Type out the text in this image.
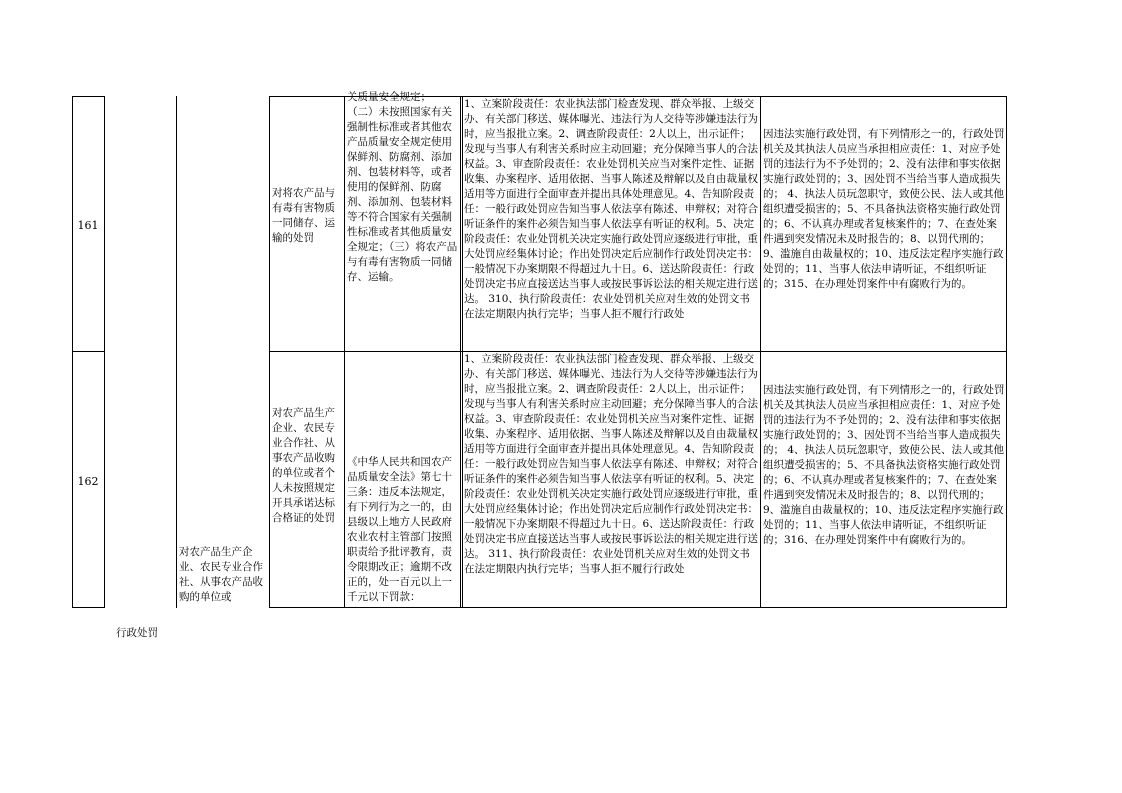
161
对将农产品与有毒有害物质一同储存、运输的处罚
关质量安全规定；
（二）未按照国家有关强制性标准或者其他农产品质量安全规定使用保鲜剂、防腐剂、添加剂、包装材料等，或者使用的保鲜剂、防腐剂、添加剂、包装材料等不符合国家有关强制性标准或者其他质量安全规定；（三）将农产品与有毒有害物质一同储存、运输。
1、立案阶段责任：农业执法部门检查发现、群众举报、上级交办、有关部门移送、媒体曝光、违法行为人交待等涉嫌违法行为时，应当报批立案。2、调查阶段责任：2人以上，出示证件；发现与当事人有利害关系时应主动回避；充分保障当事人的合法权益。3、审查阶段责任：农业处罚机关应当对案件定性、证据收集、办案程序、适用依据、当事人陈述及辩解以及自由裁量权适用等方面进行全面审查并提出具体处理意见。4、告知阶段责任：一般行政处罚应告知当事人依法享有陈述、申辩权；对符合听证条件的案件必须告知当事人依法享有听证的权利。5、决定阶段责任：农业处罚机关决定实施行政处罚应逐级进行审批，重大处罚应经集体讨论；作出处罚决定后应制作行政处罚决定书：一般情况下办案期限不得超过九十日。6、送达阶段责任：行政处罚决定书应直接送达当事人或按民事诉讼法的相关规定进行送达。 310、执行阶段责任：农业处罚机关应对生效的处罚文书在法定期限内执行完毕；当事人拒不履行行政处
因违法实施行政处罚，有下列情形之一的，行政处罚机关及其执法人员应当承担相应责任：1、对应予处罚的违法行为不予处罚的；2、没有法律和事实依据实施行政处罚的；3、因处罚不当给当事人造成损失的； 4、执法人员玩忽职守，致使公民、法人或其他组织遭受损害的；5、不具备执法资格实施行政处罚的；6、不认真办理或者复核案件的；7、在查处案件遇到突发情况未及时报告的；8、以罚代刑的；9、滥施自由裁量权的；10、违反法定程序实施行政处罚的；11、当事人依法申请听证，不组织听证的；315、在办理处罚案件中有腐败行为的。
162
对农产品生产企业、农民专业合作社、从事农产品收购的单位或者个人未按照规定开具承诺达标合格证的处罚
《中华人民共和国农产品质量安全法》第七十三条：违反本法规定，有下列行为之一的，由县级以上地方人民政府农业农村主管部门按照职责给予批评教育，责令限期改正；逾期不改正的，处一百元以上一千元以下罚款：
1、立案阶段责任：农业执法部门检查发现、群众举报、上级交办、有关部门移送、媒体曝光、违法行为人交待等涉嫌违法行为时，应当报批立案。2、调查阶段责任：2人以上，出示证件；发现与当事人有利害关系时应主动回避；充分保障当事人的合法权益。3、审查阶段责任：农业处罚机关应当对案件定性、证据收集、办案程序、适用依据、当事人陈述及辩解以及自由裁量权适用等方面进行全面审查并提出具体处理意见。4、告知阶段责任：一般行政处罚应告知当事人依法享有陈述、申辩权；对符合听证条件的案件必须告知当事人依法享有听证的权利。5、决定阶段责任：农业处罚机关决定实施行政处罚应逐级进行审批，重大处罚应经集体讨论；作出处罚决定后应制作行政处罚决定书：一般情况下办案期限不得超过九十日。6、送达阶段责任：行政处罚决定书应直接送达当事人或按民事诉讼法的相关规定进行送达。 311、执行阶段责任：农业处罚机关应对生效的处罚文书在法定期限内执行完毕；当事人拒不履行行政处
因违法实施行政处罚，有下列情形之一的，行政处罚机关及其执法人员应当承担相应责任：1、对应予处罚的违法行为不予处罚的；2、没有法律和事实依据实施行政处罚的；3、因处罚不当给当事人造成损失的； 4、执法人员玩忽职守，致使公民、法人或其他组织遭受损害的；5、不具备执法资格实施行政处罚的；6、不认真办理或者复核案件的；7、在查处案件遇到突发情况未及时报告的；8、以罚代刑的；9、滥施自由裁量权的；10、违反法定程序实施行政处罚的；11、当事人依法申请听证，不组织听证的；316、在办理处罚案件中有腐败行为的。
对农产品生产企业、农民专业合作社、从事农产品收购的单位或
行政处罚
